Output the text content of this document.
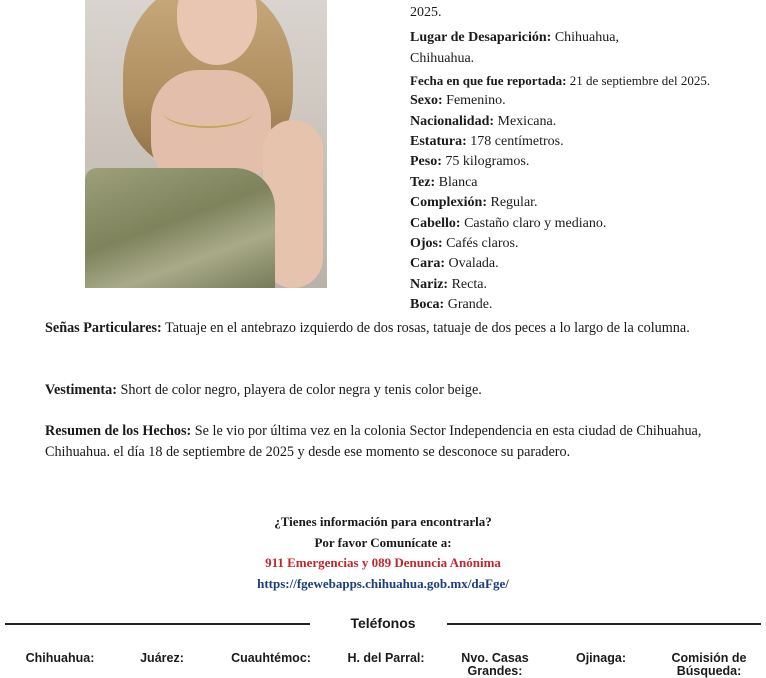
2025.
Lugar de Desaparición: Chihuahua, Chihuahua.
Fecha en que fue reportada: 21 de septiembre del 2025.
Sexo: Femenino.
Nacionalidad: Mexicana.
Estatura: 178 centímetros.
Peso: 75 kilogramos.
Tez: Blanca
Complexión: Regular.
Cabello: Castaño claro y mediano.
Ojos: Cafés claros.
Cara: Ovalada.
Nariz: Recta.
Boca: Grande.
Señas Particulares: Tatuaje en el antebrazo izquierdo de dos rosas, tatuaje de dos peces a lo largo de la columna.
Vestimenta: Short de color negro, playera de color negra y tenis color beige.
Resumen de los Hechos: Se le vio por última vez en la colonia Sector Independencia en esta ciudad de Chihuahua, Chihuahua. el día 18 de septiembre de 2025 y desde ese momento se desconoce su paradero.
¿Tienes información para encontrarla?
Por favor Comunícate a:
911 Emergencias y 089 Denuncia Anónima
https://fgewebapps.chihuahua.gob.mx/daFge/
Teléfonos
Chihuahua:	Juárez:	Cuauhtémoc:	H. del Parral:	Nvo. Casas Grandes:
Ojinaga:	Comisión de Búsqueda:
